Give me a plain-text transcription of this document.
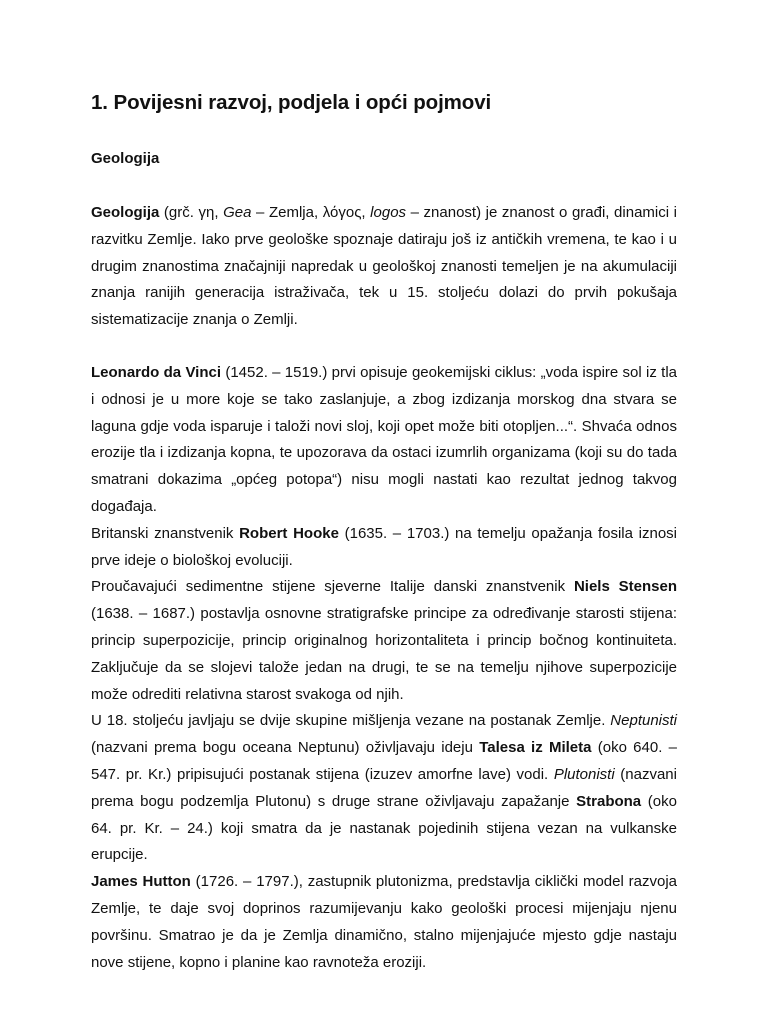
1. Povijesni razvoj, podjela i opći pojmovi
Geologija

Geologija (grč. γη, Gea – Zemlja, λόγος, logos – znanost) je znanost o građi, dinamici i razvitku Zemlje. Iako prve geološke spoznaje datiraju još iz antičkih vremena, te kao i u drugim znanostima značajniji napredak u geološkoj znanosti temeljen je na akumulaciji znanja ranijih generacija istraživača, tek u 15. stoljeću dolazi do prvih pokušaja sistematizacije znanja o Zemlji.

Leonardo da Vinci (1452. – 1519.) prvi opisuje geokemijski ciklus: „voda ispire sol iz tla i odnosi je u more koje se tako zaslanjuje, a zbog izdizanja morskog dna stvara se laguna gdje voda isparuje i taloži novi sloj, koji opet može biti otopljen...“. Shvaća odnos erozije tla i izdizanja kopna, te upozorava da ostaci izumrlih organizama (koji su do tada smatrani dokazima „općeg potopa“) nisu mogli nastati kao rezultat jednog takvog događaja.

Britanski znanstvenik Robert Hooke (1635. – 1703.) na temelju opažanja fosila iznosi prve ideje o biološkoj evoluciji.

Proučavajući sedimentne stijene sjeverne Italije danski znanstvenik Niels Stensen (1638. – 1687.) postavlja osnovne stratigrafske principe za određivanje starosti stijena: princip superpozicije, princip originalnog horizontaliteta i princip bočnog kontinuiteta. Zaključuje da se slojevi talože jedan na drugi, te se na temelju njihove superpozicije može odrediti relativna starost svakoga od njih.

U 18. stoljeću javljaju se dvije skupine mišljenja vezane na postanak Zemlje. Neptunisti (nazvani prema bogu oceana Neptunu) oživljavaju ideju Talesa iz Mileta (oko 640. – 547. pr. Kr.) pripisujući postanak stijena (izuzev amorfne lave) vodi. Plutonisti (nazvani prema bogu podzemlja Plutonu) s druge strane oživljavaju zapažanje Strabona (oko 64. pr. Kr. – 24.) koji smatra da je nastanak pojedinih stijena vezan na vulkanske erupcije.

James Hutton (1726. – 1797.), zastupnik plutonizma, predstavlja ciklički model razvoja Zemlje, te daje svoj doprinos razumijevanju kako geološki procesi mijenjaju njenu površinu. Smatrao je da je Zemlja dinamično, stalno mijenjajuće mjesto gdje nastaju nove stijene, kopno i planine kao ravnoteža eroziji.
